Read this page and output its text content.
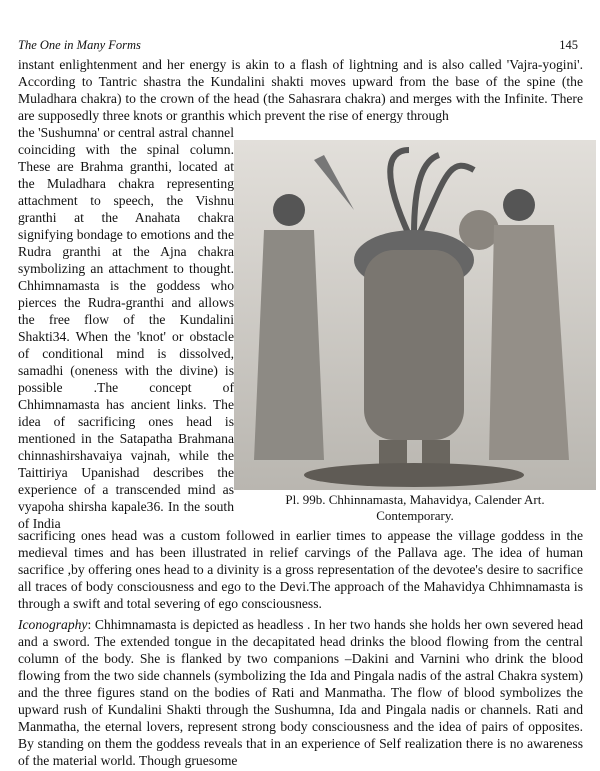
The One in Many Forms	145
instant enlightenment and her energy is akin to a flash of lightning and is also called 'Vajra-yogini'. According to Tantric shastra the Kundalini shakti moves upward from the base of the spine (the Muladhara chakra) to the crown of the head (the Sahasrara chakra) and merges with the Infinite. There are supposedly three knots or granthis which prevent the rise of energy through
the 'Sushumna' or central astral channel coinciding with the spinal column. These are Brahma granthi, located at the Muladhara chakra representing attachment to speech, the Vishnu granthi at the Anahata chakra signifying bondage to emotions and the Rudra granthi at the Ajna chakra symbolizing an attachment to thought. Chhimnamasta is the goddess who pierces the Rudra-granthi and allows the free flow of the Kundalini Shakti34. When the 'knot' or obstacle of conditional mind is dissolved, samadhi (oneness with the divine) is possible .The concept of Chhimnamasta has ancient links. The idea of sacrificing ones head is mentioned in the Satapatha Brahmana chinnashirshavaiya vajnah, while the Taittiriya Upanishad describes the experience of a transcended mind as vyapoha shirsha kapale36. In the south of India
Pl. 99b. Chhinnamasta, Mahavidya, Calender Art.
Contemporary.
sacrificing ones head was a custom followed in earlier times to appease the village goddess in the medieval times and has been illustrated in relief carvings of the Pallava age. The idea of human sacrifice ,by offering ones head to a divinity is a gross representation of the devotee's desire to sacrifice all traces of body consciousness and ego to the Devi.The approach of the Mahavidya Chhimnamasta is through a swift and total severing of ego consciousness.
Iconography: Chhimnamasta is depicted as headless . In her two hands she holds her own severed head and a sword. The extended tongue in the decapitated head drinks the blood flowing from the central column of the body. She is flanked by two companions –Dakini and Varnini who drink the blood flowing from the two side channels (symbolizing the Ida and Pingala nadis of the astral Chakra system) and the three figures stand on the bodies of Rati and Manmatha. The flow of blood symbolizes the upward rush of Kundalini Shakti through the Sushumna, Ida and Pingala nadis or channels. Rati and Manmatha, the eternal lovers, represent strong body consciousness and the idea of pairs of opposites. By standing on them the goddess reveals that in an experience of Self realization there is no awareness of the material world. Though gruesome
